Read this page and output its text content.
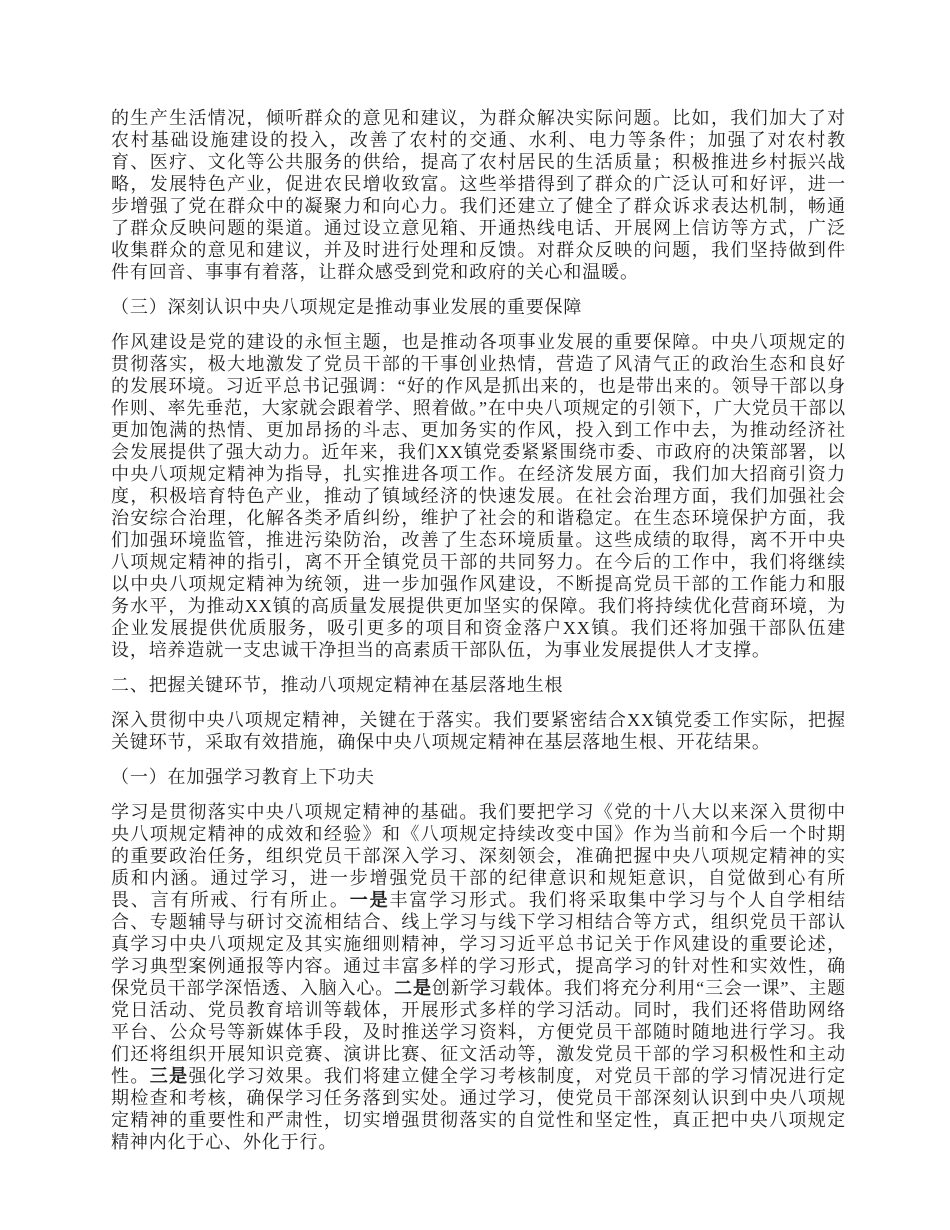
的生产生活情况，倾听群众的意见和建议，为群众解决实际问题。比如，我们加大了对农村基础设施建设的投入，改善了农村的交通、水利、电力等条件；加强了对农村教育、医疗、文化等公共服务的供给，提高了农村居民的生活质量；积极推进乡村振兴战略，发展特色产业，促进农民增收致富。这些举措得到了群众的广泛认可和好评，进一步增强了党在群众中的凝聚力和向心力。我们还建立了健全了群众诉求表达机制，畅通了群众反映问题的渠道。通过设立意见箱、开通热线电话、开展网上信访等方式，广泛收集群众的意见和建议，并及时进行处理和反馈。对群众反映的问题，我们坚持做到件件有回音、事事有着落，让群众感受到党和政府的关心和温暖。

（三）深刻认识中央八项规定是推动事业发展的重要保障

作风建设是党的建设的永恒主题，也是推动各项事业发展的重要保障。中央八项规定的贯彻落实，极大地激发了党员干部的干事创业热情，营造了风清气正的政治生态和良好的发展环境。习近平总书记强调：“好的作风是抓出来的，也是带出来的。领导干部以身作则、率先垂范，大家就会跟着学、照着做。”在中央八项规定的引领下，广大党员干部以更加饱满的热情、更加昂扬的斗志、更加务实的作风，投入到工作中去，为推动经济社会发展提供了强大动力。近年来，我们XX镇党委紧紧围绕市委、市政府的决策部署，以中央八项规定精神为指导，扎实推进各项工作。在经济发展方面，我们加大招商引资力度，积极培育特色产业，推动了镇域经济的快速发展。在社会治理方面，我们加强社会治安综合治理，化解各类矛盾纠纷，维护了社会的和谐稳定。在生态环境保护方面，我们加强环境监管，推进污染防治，改善了生态环境质量。这些成绩的取得，离不开中央八项规定精神的指引，离不开全镇党员干部的共同努力。在今后的工作中，我们将继续以中央八项规定精神为统领，进一步加强作风建设，不断提高党员干部的工作能力和服务水平，为推动XX镇的高质量发展提供更加坚实的保障。我们将持续优化营商环境，为企业发展提供优质服务，吸引更多的项目和资金落户XX镇。我们还将加强干部队伍建设，培养造就一支忠诚干净担当的高素质干部队伍，为事业发展提供人才支撑。

二、把握关键环节，推动八项规定精神在基层落地生根

深入贯彻中央八项规定精神，关键在于落实。我们要紧密结合XX镇党委工作实际，把握关键环节，采取有效措施，确保中央八项规定精神在基层落地生根、开花结果。

（一）在加强学习教育上下功夫

学习是贯彻落实中央八项规定精神的基础。我们要把学习《党的十八大以来深入贯彻中央八项规定精神的成效和经验》和《八项规定持续改变中国》作为当前和今后一个时期的重要政治任务，组织党员干部深入学习、深刻领会，准确把握中央八项规定精神的实质和内涵。通过学习，进一步增强党员干部的纪律意识和规矩意识，自觉做到心有所畏、言有所戒、行有所止。一是丰富学习形式。我们将采取集中学习与个人自学相结合、专题辅导与研讨交流相结合、线上学习与线下学习相结合等方式，组织党员干部认真学习中央八项规定及其实施细则精神，学习习近平总书记关于作风建设的重要论述，学习典型案例通报等内容。通过丰富多样的学习形式，提高学习的针对性和实效性，确保党员干部学深悟透、入脑入心。二是创新学习载体。我们将充分利用“三会一课”、主题党日活动、党员教育培训等载体，开展形式多样的学习活动。同时，我们还将借助网络平台、公众号等新媒体手段，及时推送学习资料，方便党员干部随时随地进行学习。我们还将组织开展知识竞赛、演讲比赛、征文活动等，激发党员干部的学习积极性和主动性。三是强化学习效果。我们将建立健全学习考核制度，对党员干部的学习情况进行定期检查和考核，确保学习任务落到实处。通过学习，使党员干部深刻认识到中央八项规定精神的重要性和严肃性，切实增强贯彻落实的自觉性和坚定性，真正把中央八项规定精神内化于心、外化于行。
